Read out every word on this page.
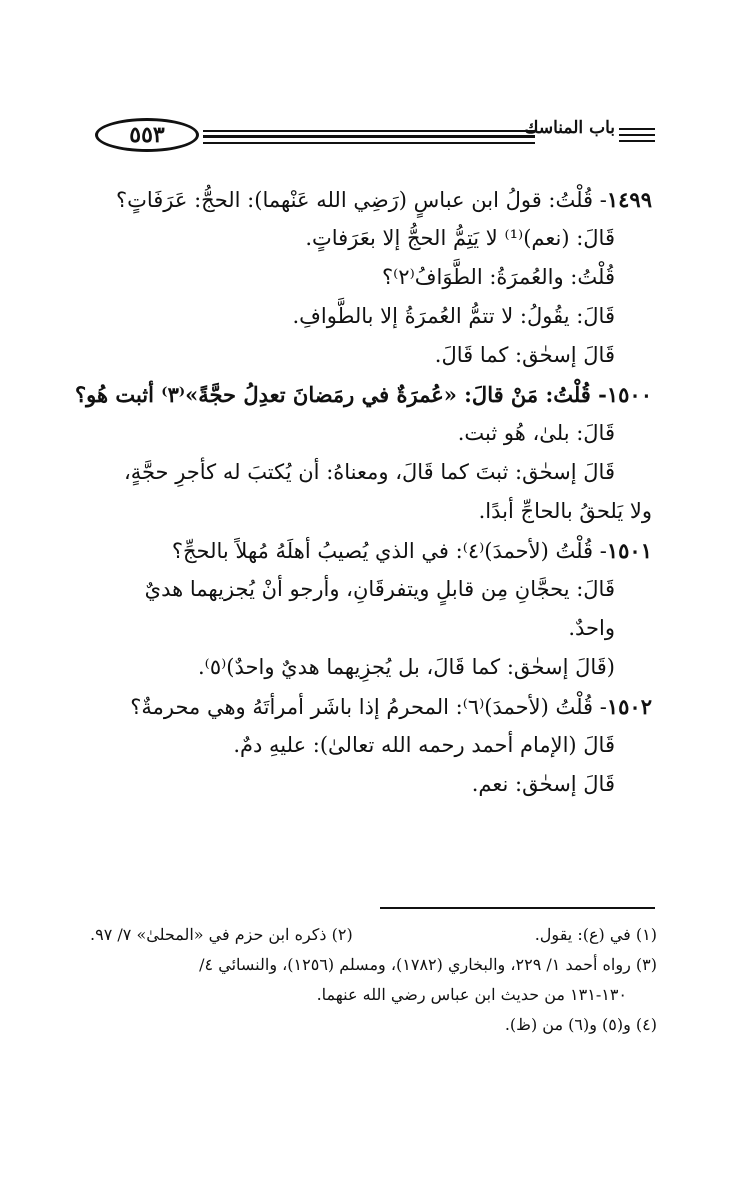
٥٥٣	باب المناسك
١٤٩٩- قُلْتُ: قولُ ابن عباسٍ (رَضِي الله عَنْهما): الحجُّ: عَرَفَاتٍ؟
قَالَ: (نعم)⁽¹⁾ لا يَتِمُّ الحجُّ إلا بعَرَفاتٍ.
قُلْتُ: والعُمرَةُ: الطَّوَافُ⁽٢⁾؟
قَالَ: يقُولُ: لا تتمُّ العُمرَةُ إلا بالطَّوافِ.
قَالَ إسحٰق: كما قَالَ.
١٥٠٠- قُلْتُ: مَنْ قالَ: «عُمرَةٌ في رمَضانَ تعدِلُ حجَّةً»⁽٣⁾ أثبت هُو؟
قَالَ: بلىٰ، هُو ثبت.
قَالَ إسحٰق: ثبتَ كما قَالَ، ومعناهُ: أن يُكتبَ له كأجرِ حجَّةٍ،
ولا يَلحقُ بالحاجِّ أبدًا.
١٥٠١- قُلْتُ (لأحمدَ)⁽٤⁾: في الذي يُصيبُ أهلَهُ مُهلاً بالحجِّ؟
قَالَ: يحجَّانِ مِن قابلٍ ويتفرقَانِ، وأرجو أنْ يُجزيهما هديٌ
واحدٌ.
(قَالَ إسحٰق: كما قَالَ، بل يُجزِيهما هديٌ واحدٌ)⁽٥⁾.
١٥٠٢- قُلْتُ (لأحمدَ)⁽٦⁾: المحرمُ إذا باشَر أمرأتَهُ وهي محرمةٌ؟
قَالَ (الإمام أحمد رحمه الله تعالىٰ): عليهِ دمٌ.
قَالَ إسحٰق: نعم.
(١) في (ع): يقول.
(٢) ذكره ابن حزم في «المحلىٰ» ٧/ ٩٧.
(٣) رواه أحمد ١/ ٢٢٩، والبخاري (١٧٨٢)، ومسلم (١٢٥٦)، والنسائي ٤/
١٣٠-١٣١ من حديث ابن عباس رضي الله عنهما.
(٤) و(٥) و(٦) من (ظ).
